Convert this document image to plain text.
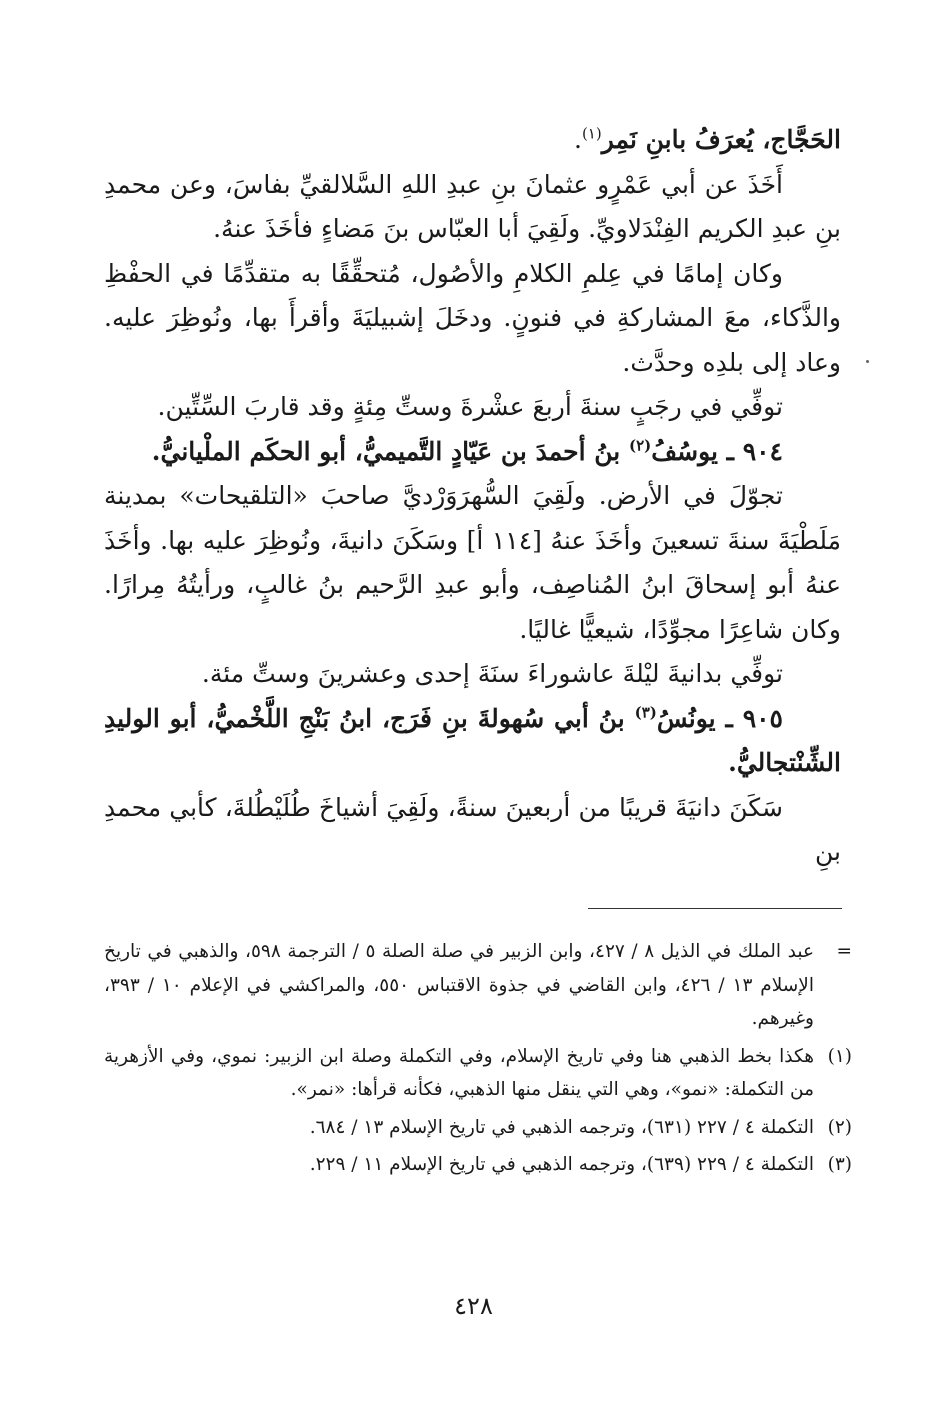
الحَجَّاج، يُعرَفُ بابنِ نَمِر$^{(١)}$.

أَخَذَ عن أبي عَمْرٍو عثمانَ بنِ عبدِ اللهِ السَّلالقيِّ بفاسَ، وعن محمدِ بنِ عبدِ الكريم الفِنْدَلاويِّ. ولَقِيَ أبا العبّاس بنَ مَضاءٍ فأخَذَ عنهُ.

وكان إمامًا في عِلمِ الكلامِ والأصُول، مُتحقِّقًا به متقدِّمًا في الحفْظِ والذَّكاء، معَ المشاركةِ في فنونٍ. ودخَلَ إشبيليَةَ وأقرأَ بها، ونُوظِرَ عليه. وعاد إلى بلدِه وحدَّث.

توفِّي في رجَبٍ سنةَ أربعَ عشْرةَ وستِّ مِئةٍ وقد قاربَ السِّتِّين.

٩٠٤ ـ يوسُفُ$^{(٢)}$ بنُ أحمدَ بن عَيّادٍ التَّميميُّ، أبو الحكَم الملْيانيُّ.

تجوّلَ في الأرض. ولَقِيَ السُّهرَوَرْديَّ صاحبَ «التلقيحات» بمدينة مَلَطْيَةَ سنةَ تسعينَ وأخَذَ عنهُ [١١٤ أ] وسَكَنَ دانيةَ، ونُوظِرَ عليه بها. وأخَذَ عنهُ أبو إسحاقَ ابنُ المُناصِف، وأبو عبدِ الرَّحيم بنُ غالبٍ، ورأيتُهُ مِرارًا. وكان شاعِرًا مجوِّدًا، شيعيًّا غاليًا.

توفِّي بدانيةَ ليْلةَ عاشوراءَ سنَةَ إحدى وعشرينَ وستِّ مئة.

٩٠٥ ـ يونُسُ$^{(٣)}$ بنُ أبي سُهولةَ بنِ فَرَج، ابنُ بَنْجِ اللَّخْميُّ، أبو الوليدِ الشِّنْتجاليُّ.

سَكَنَ دانيَةَ قريبًا من أربعينَ سنةً، ولَقِيَ أشياخَ طُلَيْطُلةَ، كأبي محمدِ بنِ

=
عبد الملك في الذيل ٨ / ٤٢٧، وابن الزبير في صلة الصلة ٥ / الترجمة ٥٩٨، والذهبي في تاريخ الإسلام ١٣ / ٤٢٦، وابن القاضي في جذوة الاقتباس ٥٥٠، والمراكشي في الإعلام ١٠ / ٣٩٣، وغيرهم.
(١)
هكذا بخط الذهبي هنا وفي تاريخ الإسلام، وفي التكملة وصلة ابن الزبير: نموي، وفي الأزهرية من التكملة: «نمو»، وهي التي ينقل منها الذهبي، فكأنه قرأها: «نمر».
(٢)
التكملة ٤ / ٢٢٧ (٦٣١)، وترجمه الذهبي في تاريخ الإسلام ١٣ / ٦٨٤.
(٣)
التكملة ٤ / ٢٢٩ (٦٣٩)، وترجمه الذهبي في تاريخ الإسلام ١١ / ٢٢٩.
٤٢٨
